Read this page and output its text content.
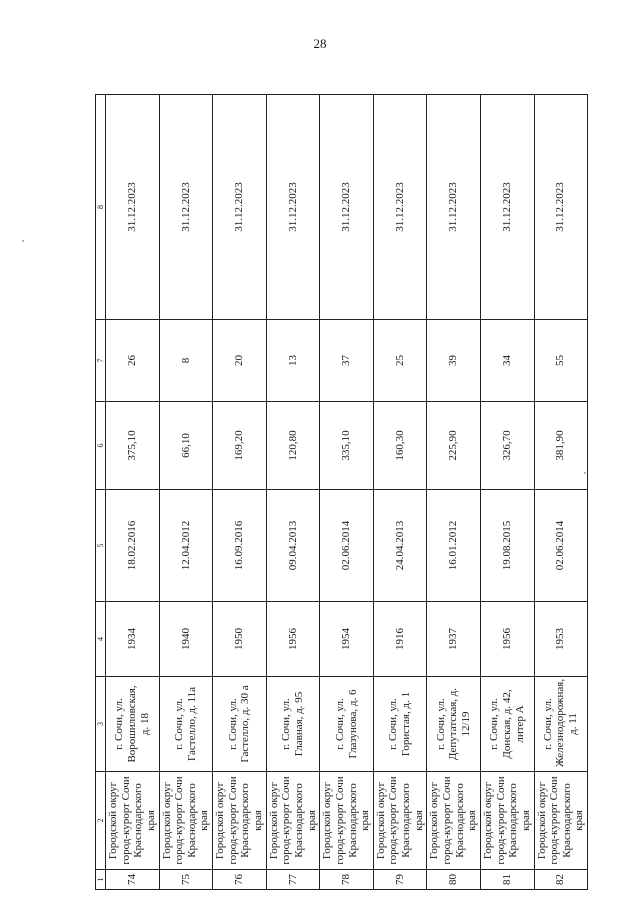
28
1	2	3	4	5	6	7	8
74	Городской округ город-курорт Сочи Краснодарского края	г. Сочи, ул. Ворошиловская, д. 18	1934	18.02.2016	375,10	26	31.12.2023
75	Городской округ город-курорт Сочи Краснодарского края	г. Сочи, ул. Гастелло, д. 11а	1940	12.04.2012	66,10	8	31.12.2023
76	Городской округ город-курорт Сочи Краснодарского края	г. Сочи, ул. Гастелло, д. 30 а	1950	16.09.2016	169,20	20	31.12.2023
77	Городской округ город-курорт Сочи Краснодарского края	г. Сочи, ул. Главная, д. 95	1956	09.04.2013	120,80	13	31.12.2023
78	Городской округ город-курорт Сочи Краснодарского края	г. Сочи, ул. Глазунова, д. 6	1954	02.06.2014	335,10	37	31.12.2023
79	Городской округ город-курорт Сочи Краснодарского края	г. Сочи, ул. Гористая, д. 1	1916	24.04.2013	160,30	25	31.12.2023
80	Городской округ город-курорт Сочи Краснодарского края	г. Сочи, ул. Депутатская, д. 12/19	1937	16.01.2012	225,90	39	31.12.2023
81	Городской округ город-курорт Сочи Краснодарского края	г. Сочи, ул. Донская, д. 42, литер А	1956	19.08.2015	326,70	34	31.12.2023
82	Городской округ город-курорт Сочи Краснодарского края	г. Сочи, ул. Железнодорожная, д. 11	1953	02.06.2014	381,90	55	31.12.2023
